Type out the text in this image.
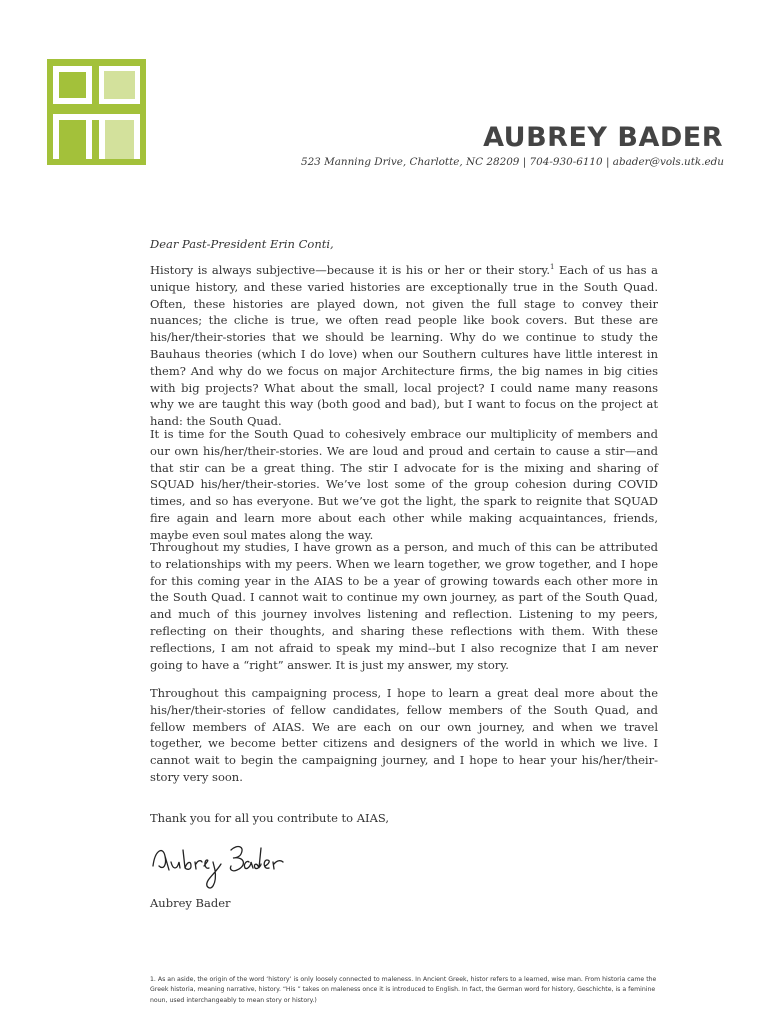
AUBREY BADER
523 Manning Drive, Charlotte, NC 28209 | 704-930-6110 | abader@vols.utk.edu
Dear Past-President Erin Conti,
History is always subjective—because it is his or her or their story.$^1$ Each of us has a unique history, and these varied histories are exceptionally true in the South Quad. Often, these histories are played down, not given the full stage to convey their nuances; the cliche is true, we often read people like book covers. But these are his/her/their-stories that we should be learning. Why do we continue to study the Bauhaus theories (which I do love) when our Southern cultures have little interest in them? And why do we focus on major Architecture firms, the big names in big cities with big projects? What about the small, local project? I could name many reasons why we are taught this way (both good and bad), but I want to focus on the project at hand: the South Quad.
It is time for the South Quad to cohesively embrace our multiplicity of members and our own his/her/their-stories. We are loud and proud and certain to cause a stir—and that stir can be a great thing. The stir I advocate for is the mixing and sharing of SQUAD his/her/their-stories. We’ve lost some of the group cohesion during COVID times, and so has everyone. But we’ve got the light, the spark to reignite that SQUAD fire again and learn more about each other while making acquaintances, friends, maybe even soul mates along the way.
Throughout my studies, I have grown as a person, and much of this can be attributed to relationships with my peers. When we learn together, we grow together, and I hope for this coming year in the AIAS to be a year of growing towards each other more in the South Quad. I cannot wait to continue my own journey, as part of the South Quad, and much of this journey involves listening and reflection. Listening to my peers, reflecting on their thoughts, and sharing these reflections with them. With these reflections, I am not afraid to speak my mind--but I also recognize that I am never going to have a “right” answer. It is just my answer, my story.
Throughout this campaigning process, I hope to learn a great deal more about the his/her/their-stories of fellow candidates, fellow members of the South Quad, and fellow members of AIAS. We are each on our own journey, and when we travel together, we become better citizens and designers of the world in which we live. I cannot wait to begin the campaigning journey, and I hope to hear your his/her/their-story very soon.
Thank you for all you contribute to AIAS,
Aubrey Bader
1. As an aside, the origin of the word ‘history’ is only loosely connected to maleness. In Ancient Greek, histor refers to a learned, wise man. From historia came the Greek historia, meaning narrative, history. “His ” takes on maleness once it is introduced to English. In fact, the German word for history, Geschichte, is a feminine noun, used interchangeably to mean story or history.)
